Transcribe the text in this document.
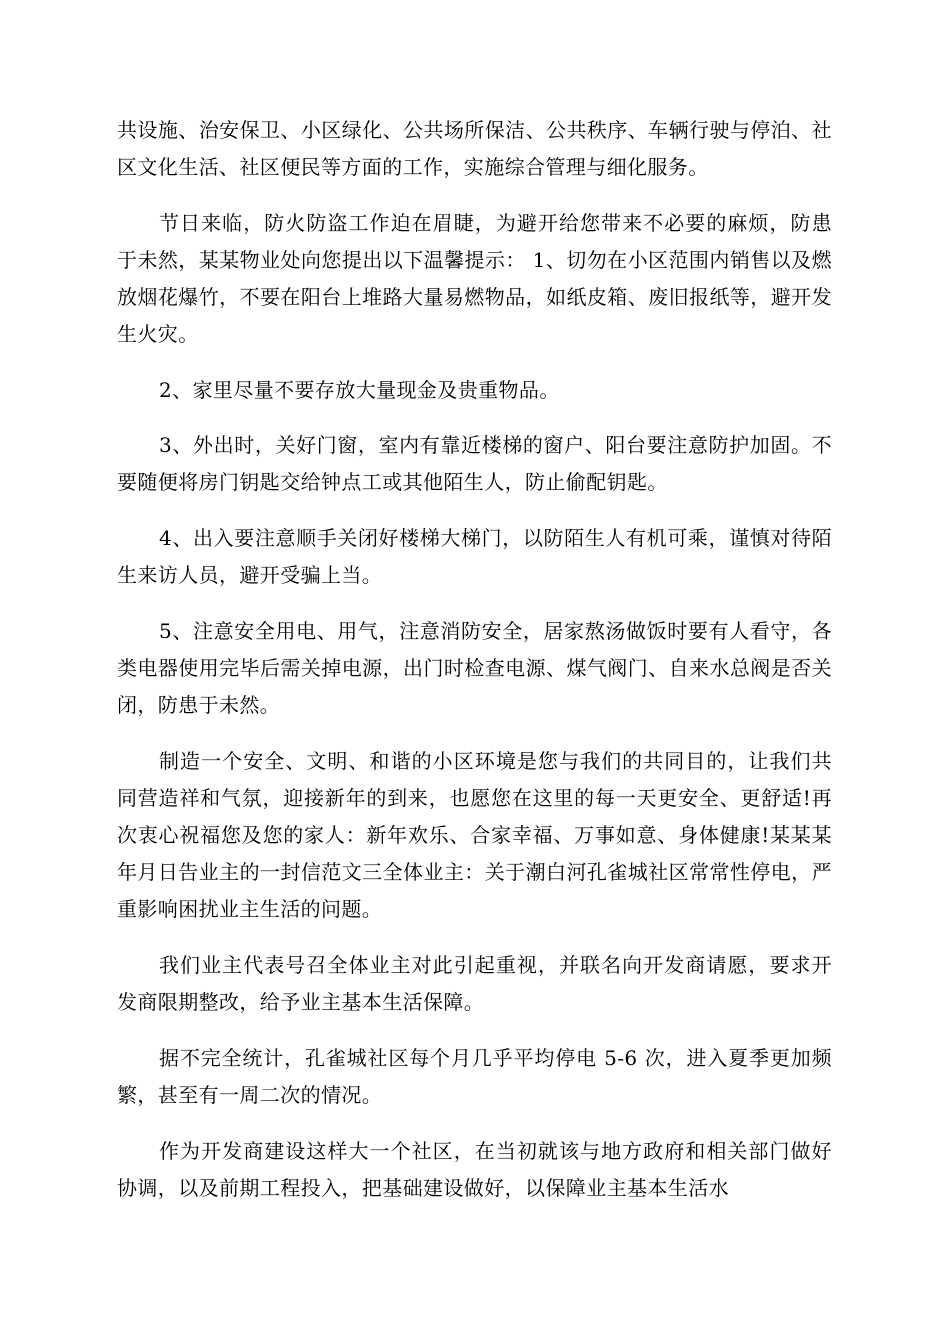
共设施、治安保卫、小区绿化、公共场所保洁、公共秩序、车辆行驶与停泊、社区文化生活、社区便民等方面的工作，实施综合管理与细化服务。

节日来临，防火防盗工作迫在眉睫，为避开给您带来不必要的麻烦，防患于未然，某某物业处向您提出以下温馨提示： 1、切勿在小区范围内销售以及燃放烟花爆竹，不要在阳台上堆路大量易燃物品，如纸皮箱、废旧报纸等，避开发生火灾。

2、家里尽量不要存放大量现金及贵重物品。

3、外出时，关好门窗，室内有靠近楼梯的窗户、阳台要注意防护加固。不要随便将房门钥匙交给钟点工或其他陌生人，防止偷配钥匙。

4、出入要注意顺手关闭好楼梯大梯门，以防陌生人有机可乘，谨慎对待陌生来访人员，避开受骗上当。

5、注意安全用电、用气，注意消防安全，居家熬汤做饭时要有人看守，各类电器使用完毕后需关掉电源，出门时检查电源、煤气阀门、自来水总阀是否关闭，防患于未然。

制造一个安全、文明、和谐的小区环境是您与我们的共同目的，让我们共同营造祥和气氛，迎接新年的到来，也愿您在这里的每一天更安全、更舒适!再次衷心祝福您及您的家人：新年欢乐、合家幸福、万事如意、身体健康!某某某年月日告业主的一封信范文三全体业主：关于潮白河孔雀城社区常常性停电，严重影响困扰业主生活的问题。

我们业主代表号召全体业主对此引起重视，并联名向开发商请愿，要求开发商限期整改，给予业主基本生活保障。

据不完全统计，孔雀城社区每个月几乎平均停电 5-6 次，进入夏季更加频繁，甚至有一周二次的情况。

作为开发商建设这样大一个社区，在当初就该与地方政府和相关部门做好协调，以及前期工程投入，把基础建设做好，以保障业主基本生活水
